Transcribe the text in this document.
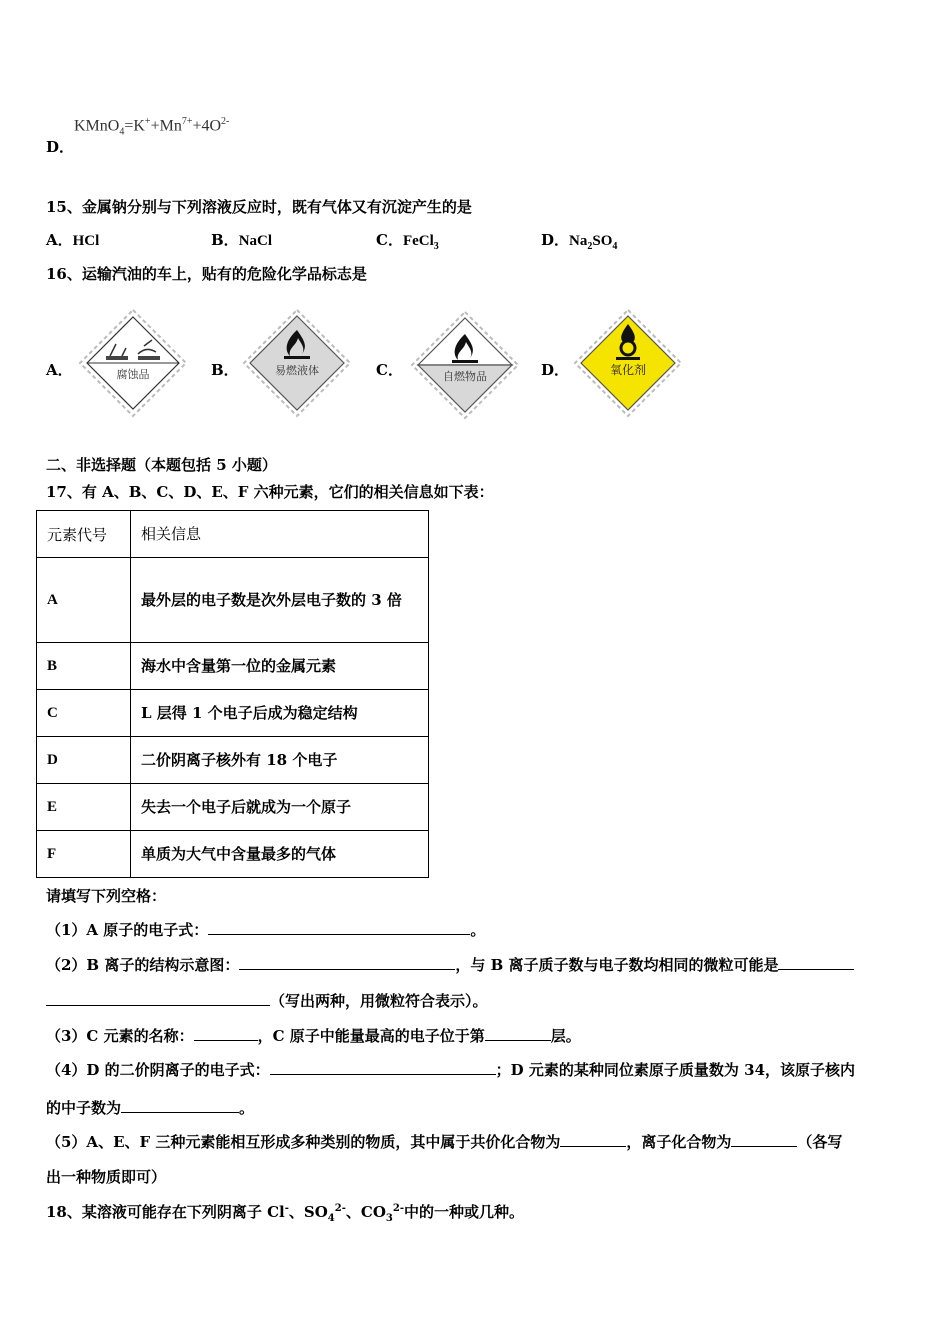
D．
$KMnO_4=K^++Mn^{7+}+4O^{2-}$
15、金属钠分别与下列溶液反应时，既有气体又有沉淀产生的是
A．HCl	B．NaCl	C．FeCl$_3$	D．$Na_2SO_4$
16、运输汽油的车上，贴有的危险化学品标志是
A．	腐蚀品	B．	易燃液体	C．	自燃物品	D．	氧化剂
二、非选择题（本题包括 5 小题）
17、有 A、B、C、D、E、F 六种元素，它们的相关信息如下表：
元素代号	相关信息
A	最外层的电子数是次外层电子数的 3 倍
B	海水中含量第一位的金属元素
C	L 层得 1 个电子后成为稳定结构
D	二价阴离子核外有 18 个电子
E	失去一个电子后就成为一个原子
F	单质为大气中含量最多的气体
请填写下列空格：
（1）A 原子的电子式：	。
（2）B 离子的结构示意图：	，与 B 离子质子数与电子数均相同的微粒可能是
（写出两种，用微粒符合表示）。
（3）C 元素的名称：	，C 原子中能量最高的电子位于第	层。
（4）D 的二价阴离子的电子式：	；D 元素的某种同位素原子质量数为 34，该原子核内
的中子数为	。
（5）A、E、F 三种元素能相互形成多种类别的物质，其中属于共价化合物为	，离子化合物为	（各写
出一种物质即可）
18、某溶液可能存在下列阴离子 Cl-、$SO_4^{2-}$、$CO_3^{2-}$中的一种或几种。
